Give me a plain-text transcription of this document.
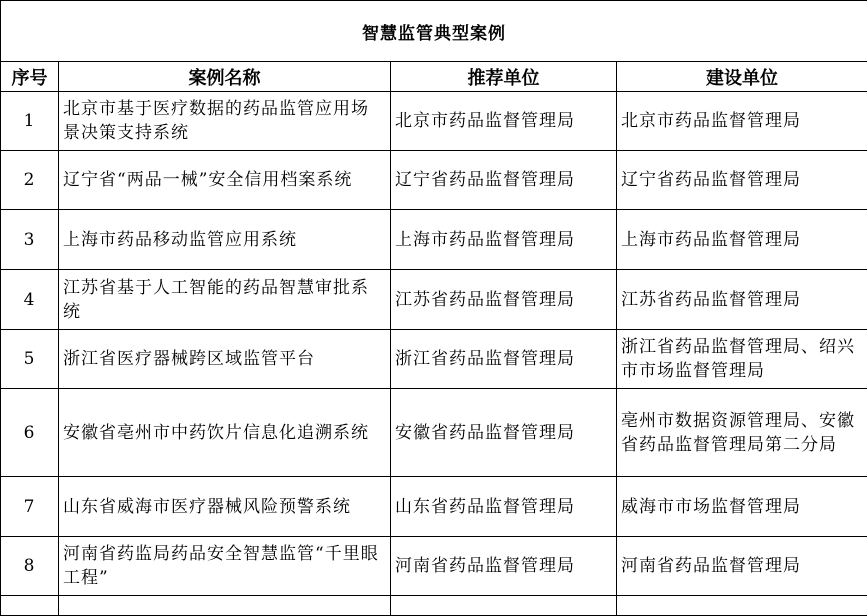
智慧监管典型案例			
序号	案例名称	推荐单位	建设单位
1	北京市基于医疗数据的药品监管应用场景决策支持系统	北京市药品监督管理局	北京市药品监督管理局
2	辽宁省“两品一械”安全信用档案系统	辽宁省药品监督管理局	辽宁省药品监督管理局
3	上海市药品移动监管应用系统	上海市药品监督管理局	上海市药品监督管理局
4	江苏省基于人工智能的药品智慧审批系统	江苏省药品监督管理局	江苏省药品监督管理局
5	浙江省医疗器械跨区域监管平台	浙江省药品监督管理局	浙江省药品监督管理局、绍兴市市场监督管理局
6	安徽省亳州市中药饮片信息化追溯系统	安徽省药品监督管理局	亳州市数据资源管理局、安徽省药品监督管理局第二分局
7	山东省威海市医疗器械风险预警系统	山东省药品监督管理局	威海市市场监督管理局
8	河南省药监局药品安全智慧监管“千里眼工程”	河南省药品监督管理局	河南省药品监督管理局
